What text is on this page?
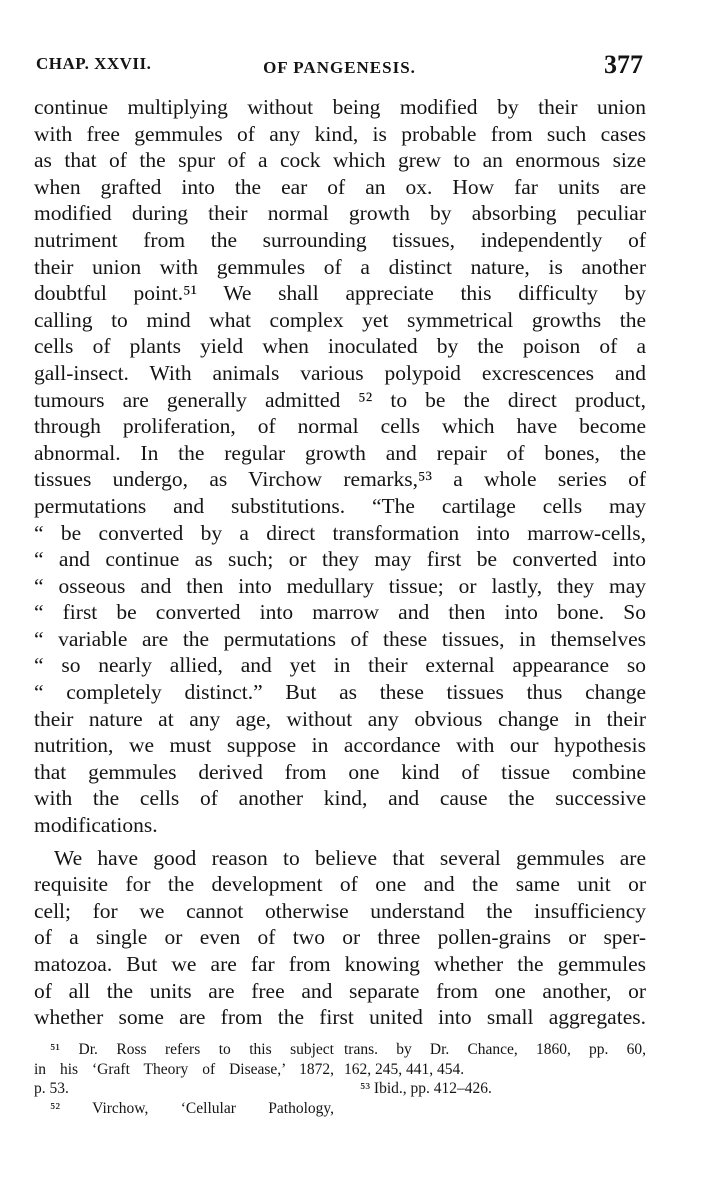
CHAP. XXVII.	OF PANGENESIS.	377
continue multiplying without being modified by their union
with free gemmules of any kind, is probable from such cases
as that of the spur of a cock which grew to an enormous size
when grafted into the ear of an ox. How far units are
modified during their normal growth by absorbing peculiar
nutriment from the surrounding tissues, independently of
their union with gemmules of a distinct nature, is another
doubtful point.⁵¹ We shall appreciate this difficulty by
calling to mind what complex yet symmetrical growths the
cells of plants yield when inoculated by the poison of a
gall-insect. With animals various polypoid excrescences and
tumours are generally admitted ⁵² to be the direct product,
through proliferation, of normal cells which have become
abnormal. In the regular growth and repair of bones, the
tissues undergo, as Virchow remarks,⁵³ a whole series of
permutations and substitutions. “The cartilage cells may
“ be converted by a direct transformation into marrow-cells,
“ and continue as such; or they may first be converted into
“ osseous and then into medullary tissue; or lastly, they may
“ first be converted into marrow and then into bone. So
“ variable are the permutations of these tissues, in themselves
“ so nearly allied, and yet in their external appearance so
“ completely distinct.” But as these tissues thus change
their nature at any age, without any obvious change in their
nutrition, we must suppose in accordance with our hypothesis
that gemmules derived from one kind of tissue combine
with the cells of another kind, and cause the successive
modifications.
We have good reason to believe that several gemmules are
requisite for the development of one and the same unit or
cell; for we cannot otherwise understand the insufficiency
of a single or even of two or three pollen-grains or sper-
matozoa. But we are far from knowing whether the gemmules
of all the units are free and separate from one another, or
whether some are from the first united into small aggregates.
⁵¹ Dr. Ross refers to this subject
in his ‘Graft Theory of Disease,’ 1872,
p. 53.
⁵² Virchow, ‘Cellular Pathology,
trans. by Dr. Chance, 1860, pp. 60,
162, 245, 441, 454.
⁵³ Ibid., pp. 412–426.
